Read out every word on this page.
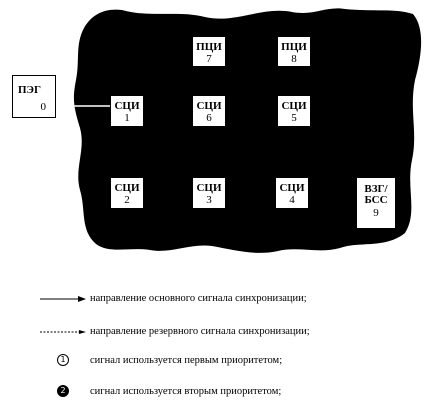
ПЭГ
0
ПЦИ
7
ПЦИ
8
СЦИ
1
СЦИ
6
СЦИ
5
СЦИ
2
СЦИ
3
СЦИ
4
ВЗГ/БСС
9
направление основного сигнала синхронизации;
направление резервного сигнала синхронизации;
1	сигнал используется первым приоритетом;
2	сигнал используется вторым приоритетом;
